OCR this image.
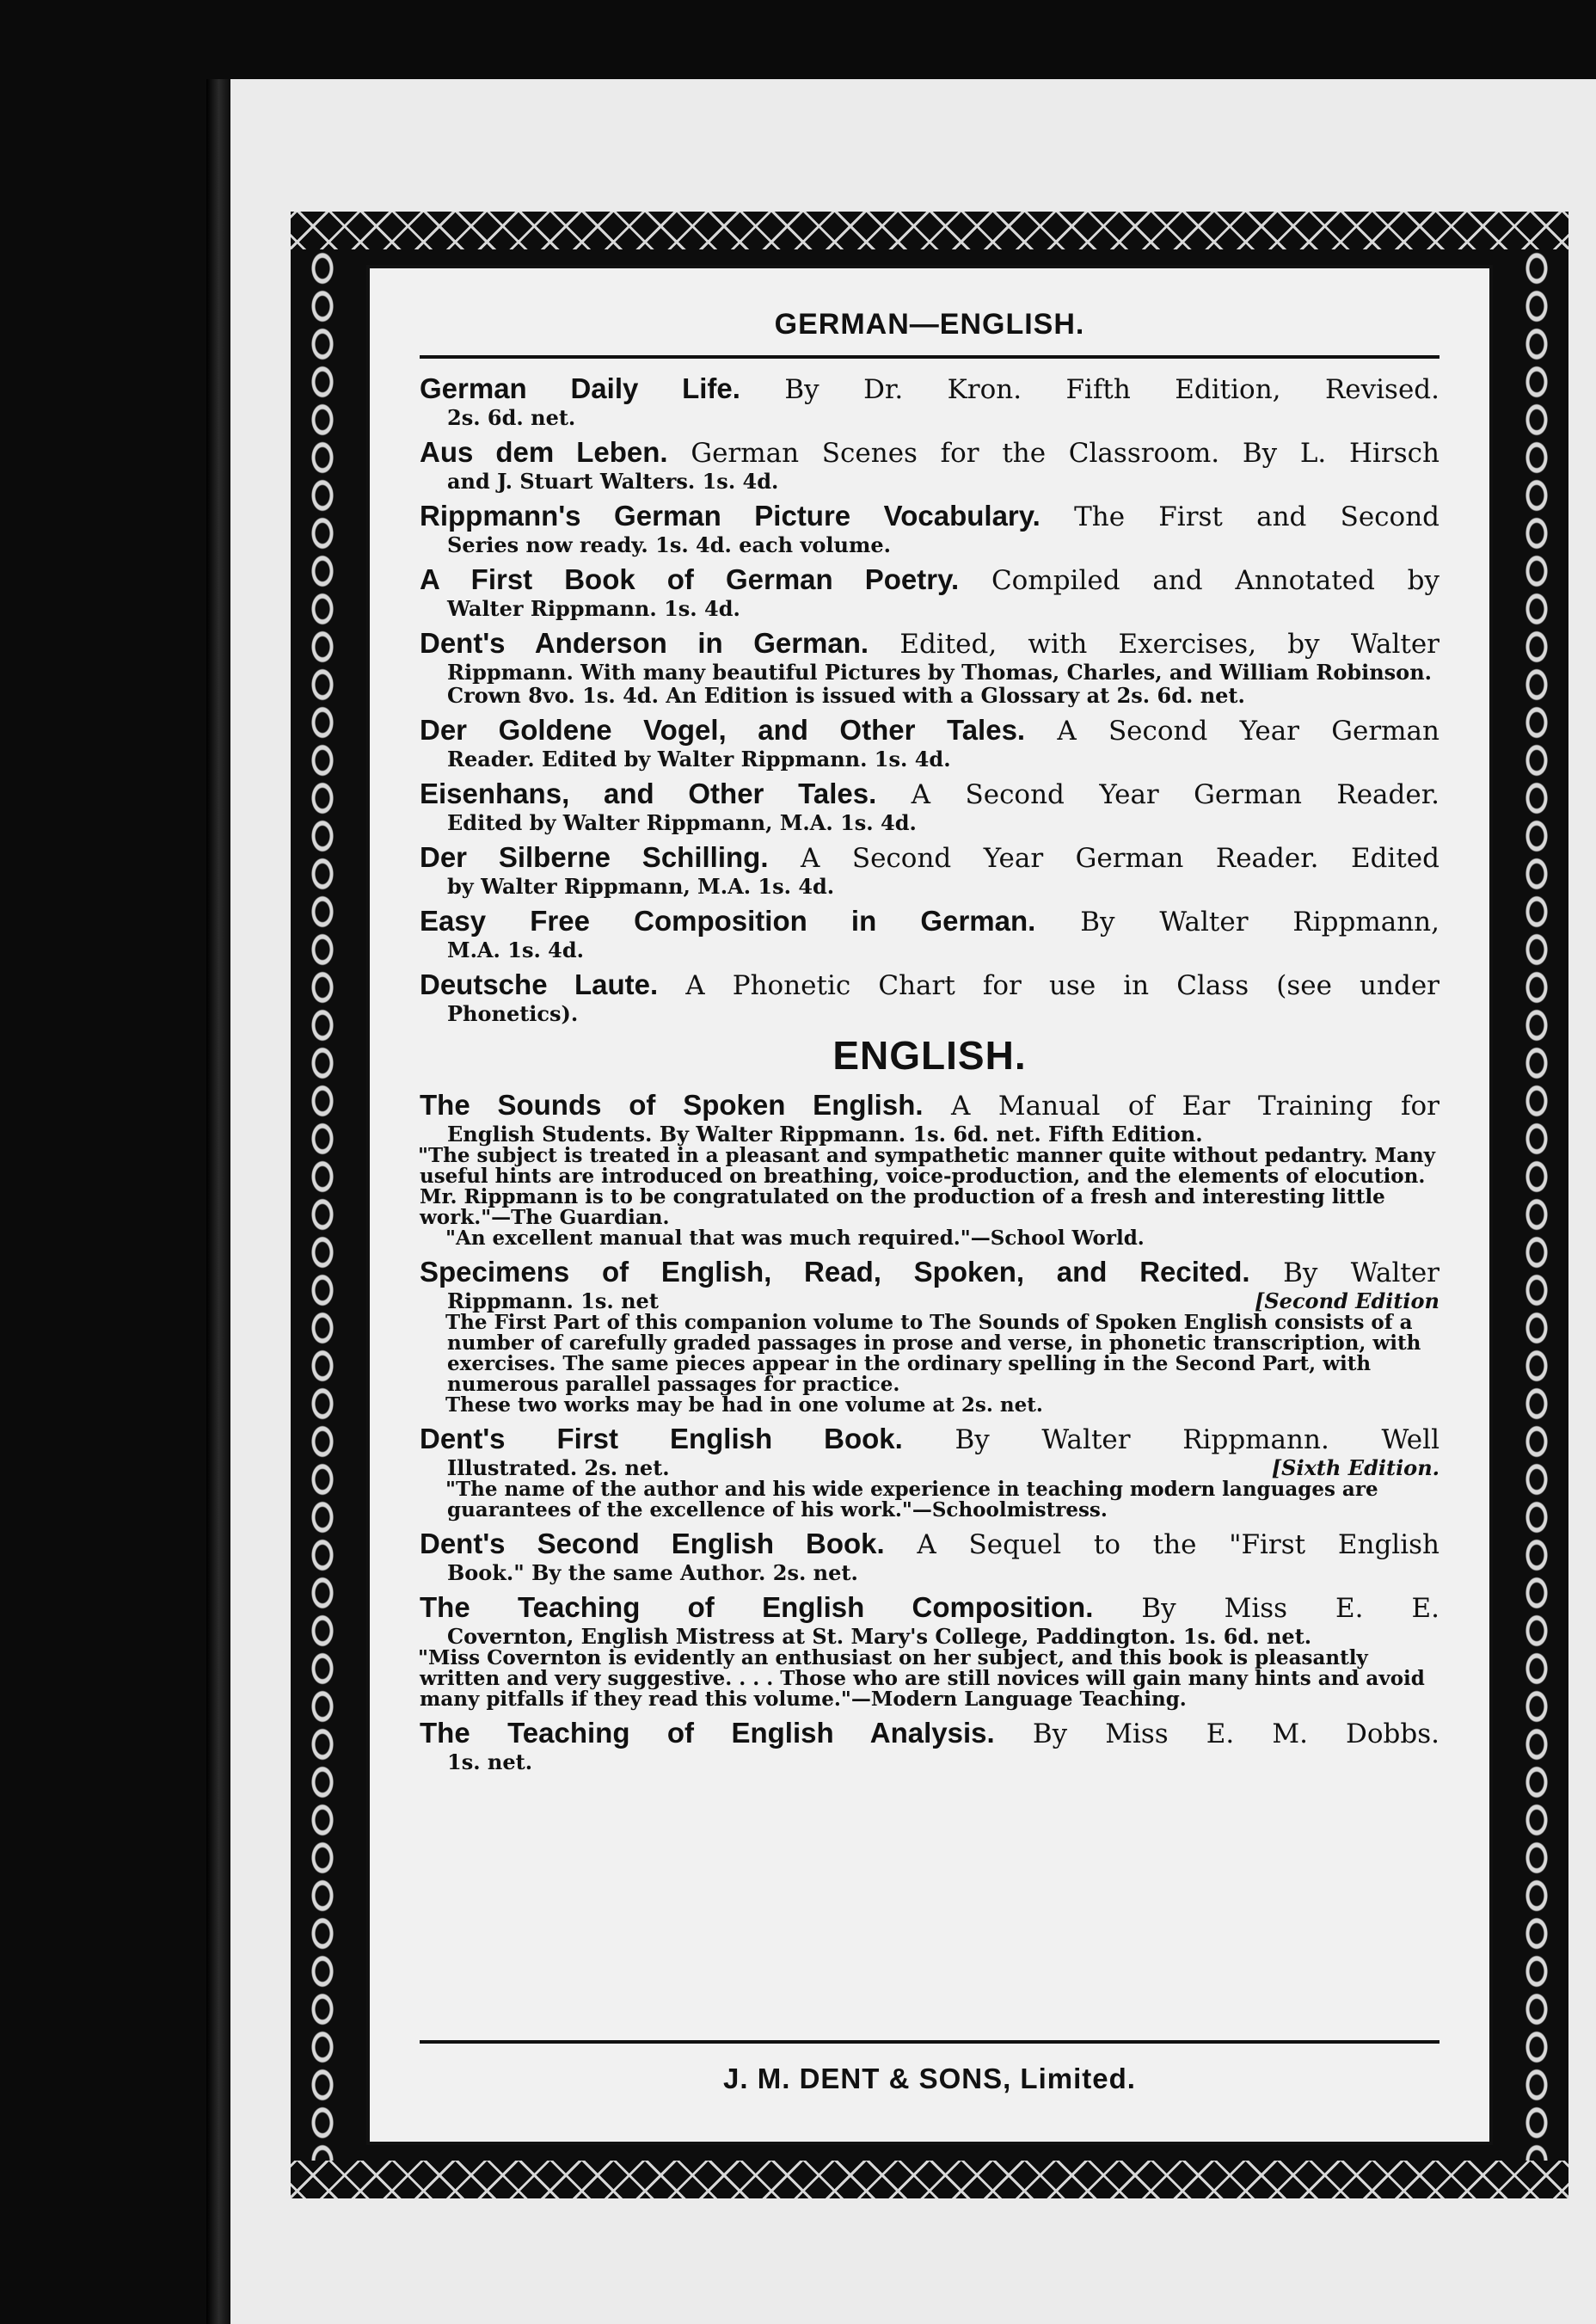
GERMAN—ENGLISH.
German Daily Life. By Dr. Kron. Fifth Edition, Revised.
2s. 6d. net.
Aus dem Leben. German Scenes for the Classroom. By L. Hirsch
and J. Stuart Walters. 1s. 4d.
Rippmann's German Picture Vocabulary. The First and Second
Series now ready. 1s. 4d. each volume.
A First Book of German Poetry. Compiled and Annotated by
Walter Rippmann. 1s. 4d.
Dent's Anderson in German. Edited, with Exercises, by Walter
Rippmann. With many beautiful Pictures by Thomas, Charles, and William Robinson. Crown 8vo. 1s. 4d. An Edition is issued with a Glossary at 2s. 6d. net.
Der Goldene Vogel, and Other Tales. A Second Year German
Reader. Edited by Walter Rippmann. 1s. 4d.
Eisenhans, and Other Tales. A Second Year German Reader.
Edited by Walter Rippmann, M.A. 1s. 4d.
Der Silberne Schilling. A Second Year German Reader. Edited
by Walter Rippmann, M.A. 1s. 4d.
Easy Free Composition in German. By Walter Rippmann,
M.A. 1s. 4d.
Deutsche Laute. A Phonetic Chart for use in Class (see under
Phonetics).
ENGLISH.
The Sounds of Spoken English. A Manual of Ear Training for
English Students. By Walter Rippmann. 1s. 6d. net. Fifth Edition.
"The subject is treated in a pleasant and sympathetic manner quite without pedantry. Many useful hints are introduced on breathing, voice-production, and the elements of elocution. Mr. Rippmann is to be congratulated on the production of a fresh and interesting little work."—The Guardian.
"An excellent manual that was much required."—School World.
Specimens of English, Read, Spoken, and Recited. By Walter
Rippmann. 1s. net	[Second Edition
The First Part of this companion volume to The Sounds of Spoken English consists of a number of carefully graded passages in prose and verse, in phonetic transcription, with exercises. The same pieces appear in the ordinary spelling in the Second Part, with numerous parallel passages for practice.
These two works may be had in one volume at 2s. net.
Dent's First English Book. By Walter Rippmann. Well
Illustrated. 2s. net.	[Sixth Edition.
"The name of the author and his wide experience in teaching modern languages are guarantees of the excellence of his work."—Schoolmistress.
Dent's Second English Book. A Sequel to the "First English
Book." By the same Author. 2s. net.
The Teaching of English Composition. By Miss E. E.
Covernton, English Mistress at St. Mary's College, Paddington. 1s. 6d. net.
"Miss Covernton is evidently an enthusiast on her subject, and this book is pleasantly written and very suggestive. . . . Those who are still novices will gain many hints and avoid many pitfalls if they read this volume."—Modern Language Teaching.
The Teaching of English Analysis. By Miss E. M. Dobbs.
1s. net.
J. M. DENT & SONS, Limited.
